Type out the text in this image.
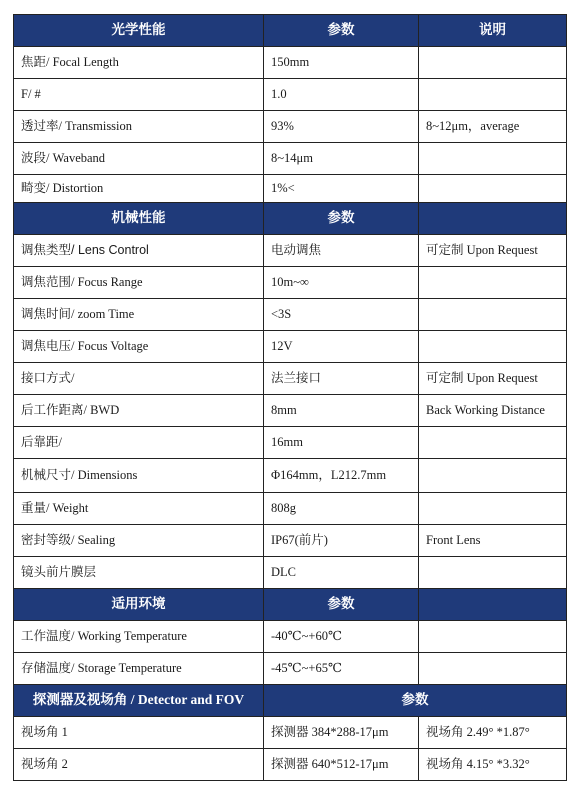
光学性能	参数	说明
焦距/ Focal Length	150mm	
F/ #	1.0	
透过率/ Transmission	93%	8~12μm，average
波段/ Waveband	8~14μm	
畸变/ Distortion	1%<	
机械性能	参数	
调焦类型/ Lens Control	电动调焦	可定制 Upon Request
调焦范围/ Focus Range	10m~∞	
调焦时间/ zoom Time	<3S	
调焦电压/ Focus Voltage	12V	
接口方式/	法兰接口	可定制 Upon Request
后工作距离/ BWD	8mm	Back Working Distance
后靠距/	16mm	
机械尺寸/ Dimensions	Φ164mm，L212.7mm	
重量/ Weight	808g	
密封等级/ Sealing	IP67(前片)	Front Lens
镜头前片膜层	DLC	
适用环境	参数	
工作温度/ Working Temperature	-40℃~+60℃	
存储温度/ Storage Temperature	-45℃~+65℃	
探测器及视场角 / Detector and FOV	参数	
视场角 1	探测器 384*288-17μm	视场角 2.49° *1.87°
视场角 2	探测器 640*512-17μm	视场角 4.15° *3.32°
